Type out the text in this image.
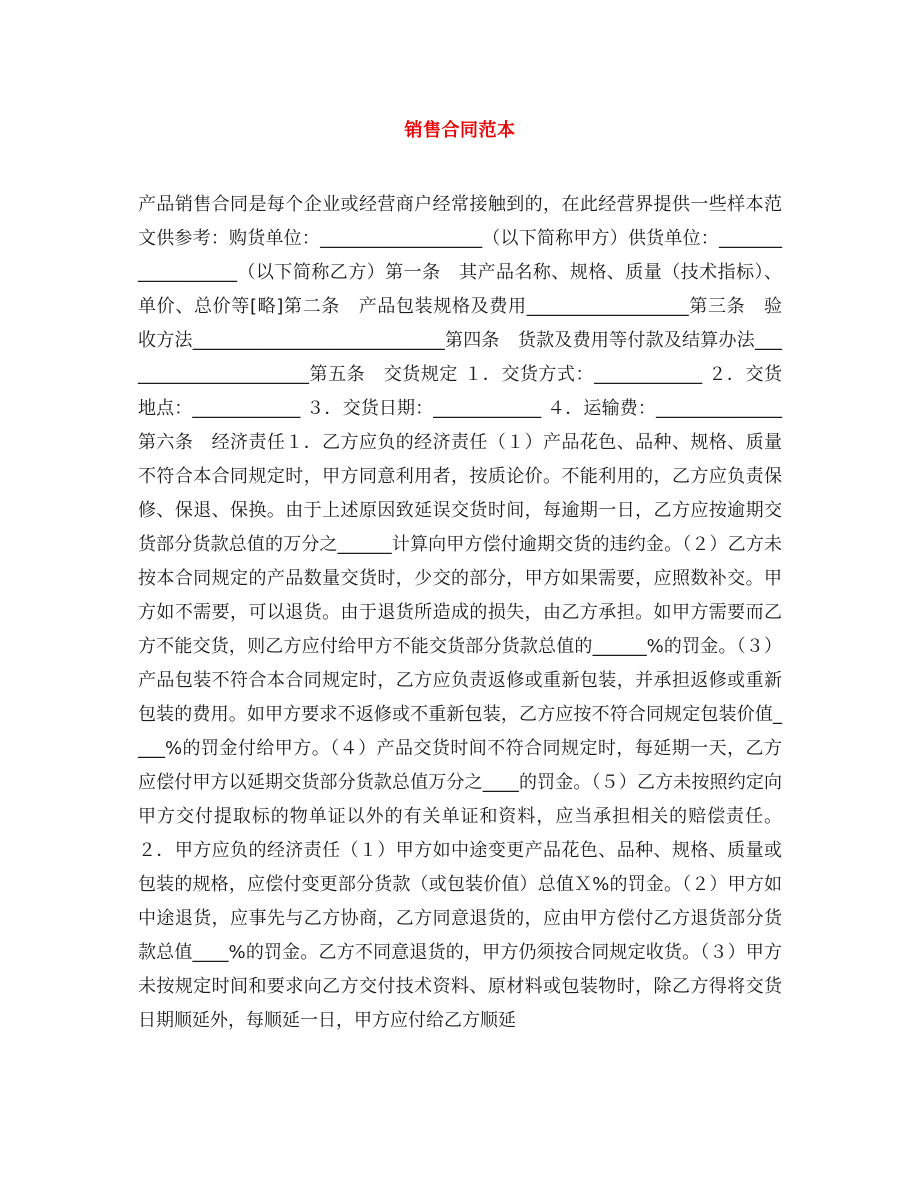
销售合同范本

产品销售合同是每个企业或经营商户经常接触到的，在此经营界提供一些样本范文供参考：购货单位：__________________（以下简称甲方）供货单位：__________________（以下简称乙方）第一条　其产品名称、规格、质量（技术指标）、单价、总价等[略]第二条　产品包装规格及费用__________________第三条　验收方法____________________________第四条　货款及费用等付款及结算办法______________________第五条　交货规定 １．交货方式：____________ ２．交货地点：____________ ３．交货日期：____________ ４．运输费：______________ 第六条　经济责任１．乙方应负的经济责任（１）产品花色、品种、规格、质量不符合本合同规定时，甲方同意利用者，按质论价。不能利用的，乙方应负责保修、保退、保换。由于上述原因致延误交货时间，每逾期一日，乙方应按逾期交货部分货款总值的万分之______计算向甲方偿付逾期交货的违约金。（２）乙方未按本合同规定的产品数量交货时，少交的部分，甲方如果需要，应照数补交。甲方如不需要，可以退货。由于退货所造成的损失，由乙方承担。如甲方需要而乙方不能交货，则乙方应付给甲方不能交货部分货款总值的______%的罚金。（３）产品包装不符合本合同规定时，乙方应负责返修或重新包装，并承担返修或重新包装的费用。如甲方要求不返修或不重新包装，乙方应按不符合同规定包装价值____%的罚金付给甲方。（４）产品交货时间不符合同规定时，每延期一天，乙方应偿付甲方以延期交货部分货款总值万分之____的罚金。（５）乙方未按照约定向甲方交付提取标的物单证以外的有关单证和资料，应当承担相关的赔偿责任。２．甲方应负的经济责任（１）甲方如中途变更产品花色、品种、规格、质量或包装的规格，应偿付变更部分货款（或包装价值）总值Ｘ%的罚金。（２）甲方如中途退货，应事先与乙方协商，乙方同意退货的，应由甲方偿付乙方退货部分货款总值____%的罚金。乙方不同意退货的，甲方仍须按合同规定收货。（３）甲方未按规定时间和要求向乙方交付技术资料、原材料或包装物时，除乙方得将交货日期顺延外，每顺延一日，甲方应付给乙方顺延
